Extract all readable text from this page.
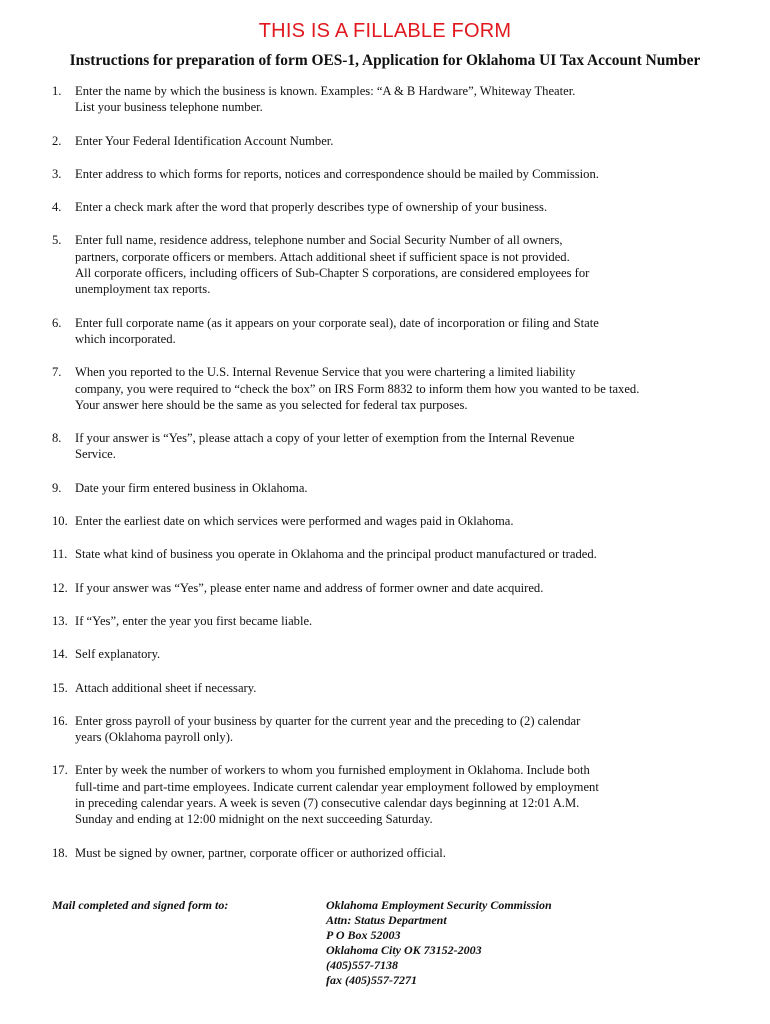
THIS IS A FILLABLE FORM
Instructions for preparation of form OES-1, Application for Oklahoma UI Tax Account Number
1.	Enter the name by which the business is known. Examples: “A & B Hardware”, Whiteway Theater.
List your business telephone number.
2.	Enter Your Federal Identification Account Number.
3.	Enter address to which forms for reports, notices and correspondence should be mailed by Commission.
4.	Enter a check mark after the word that properly describes type of ownership of your business.
5.	Enter full name, residence address, telephone number and Social Security Number of all owners,
partners, corporate officers or members. Attach additional sheet if sufficient space is not provided.
All corporate officers, including officers of Sub-Chapter S corporations, are considered employees for
unemployment tax reports.
6.	Enter full corporate name (as it appears on your corporate seal), date of incorporation or filing and State
which incorporated.
7.	When you reported to the U.S. Internal Revenue Service that you were chartering a limited liability
company, you were required to “check the box” on IRS Form 8832 to inform them how you wanted to be taxed.
Your answer here should be the same as you selected for federal tax purposes.
8.	If your answer is “Yes”, please attach a copy of your letter of exemption from the Internal Revenue
Service.
9.	Date your firm entered business in Oklahoma.
10. Enter the earliest date on which services were performed and wages paid in Oklahoma.
11. State what kind of business you operate in Oklahoma and the principal product manufactured or traded.
12. If your answer was “Yes”, please enter name and address of former owner and date acquired.
13. If “Yes”, enter the year you first became liable.
14. Self explanatory.
15. Attach additional sheet if necessary.
16. Enter gross payroll of your business by quarter for the current year and the preceding to (2) calendar
years (Oklahoma payroll only).
17. Enter by week the number of workers to whom you furnished employment in Oklahoma. Include both
full-time and part-time employees. Indicate current calendar year employment followed by employment
in preceding calendar years. A week is seven (7) consecutive calendar days beginning at 12:01 A.M.
Sunday and ending at 12:00 midnight on the next succeeding Saturday.
18. Must be signed by owner, partner, corporate officer or authorized official.
Mail completed and signed form to:	Oklahoma Employment Security Commission
Attn: Status Department
P O Box 52003
Oklahoma City OK 73152-2003
(405)557-7138
fax (405)557-7271
